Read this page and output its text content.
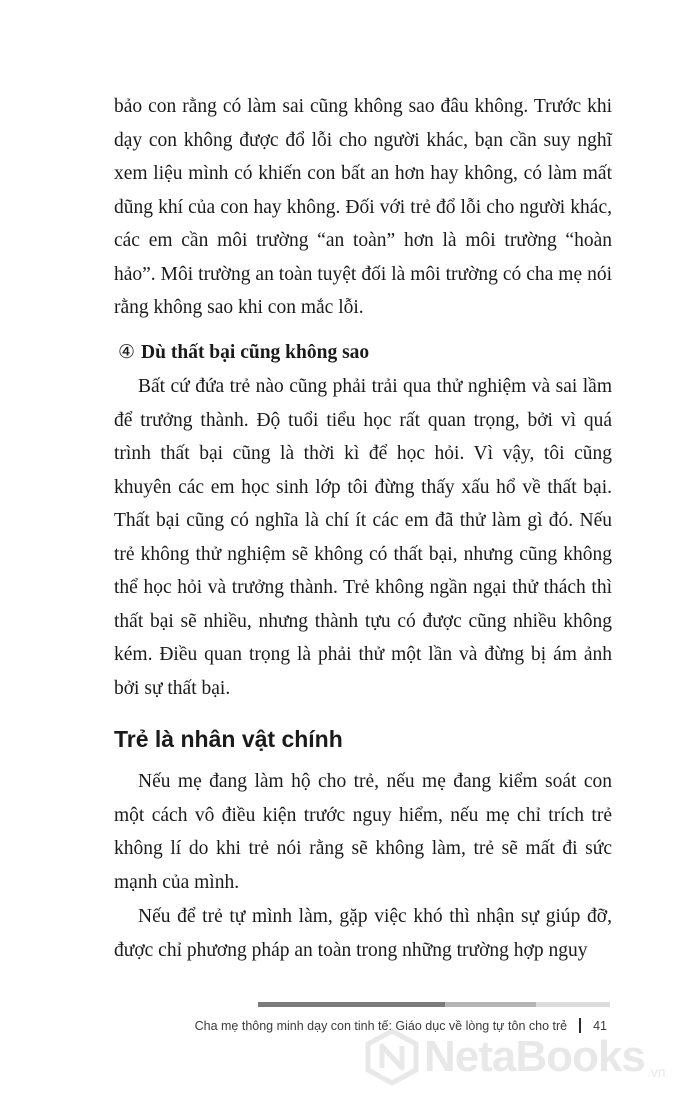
bảo con rằng có làm sai cũng không sao đâu không. Trước khi dạy con không được đổ lỗi cho người khác, bạn cần suy nghĩ xem liệu mình có khiến con bất an hơn hay không, có làm mất dũng khí của con hay không. Đối với trẻ đổ lỗi cho người khác, các em cần môi trường “an toàn” hơn là môi trường “hoàn hảo”. Môi trường an toàn tuyệt đối là môi trường có cha mẹ nói rằng không sao khi con mắc lỗi.

④ Dù thất bại cũng không sao

Bất cứ đứa trẻ nào cũng phải trải qua thử nghiệm và sai lầm để trưởng thành. Độ tuổi tiểu học rất quan trọng, bởi vì quá trình thất bại cũng là thời kì để học hỏi. Vì vậy, tôi cũng khuyên các em học sinh lớp tôi đừng thấy xấu hổ về thất bại. Thất bại cũng có nghĩa là chí ít các em đã thử làm gì đó. Nếu trẻ không thử nghiệm sẽ không có thất bại, nhưng cũng không thể học hỏi và trưởng thành. Trẻ không ngần ngại thử thách thì thất bại sẽ nhiều, nhưng thành tựu có được cũng nhiều không kém. Điều quan trọng là phải thử một lần và đừng bị ám ảnh bởi sự thất bại.

Trẻ là nhân vật chính

Nếu mẹ đang làm hộ cho trẻ, nếu mẹ đang kiểm soát con một cách vô điều kiện trước nguy hiểm, nếu mẹ chỉ trích trẻ không lí do khi trẻ nói rằng sẽ không làm, trẻ sẽ mất đi sức mạnh của mình.

Nếu để trẻ tự mình làm, gặp việc khó thì nhận sự giúp đỡ, được chỉ phương pháp an toàn trong những trường hợp nguy

Cha mẹ thông minh dạy con tinh tế: Giáo dục về lòng tự tôn cho trẻ 41
NetaBooks .vn
